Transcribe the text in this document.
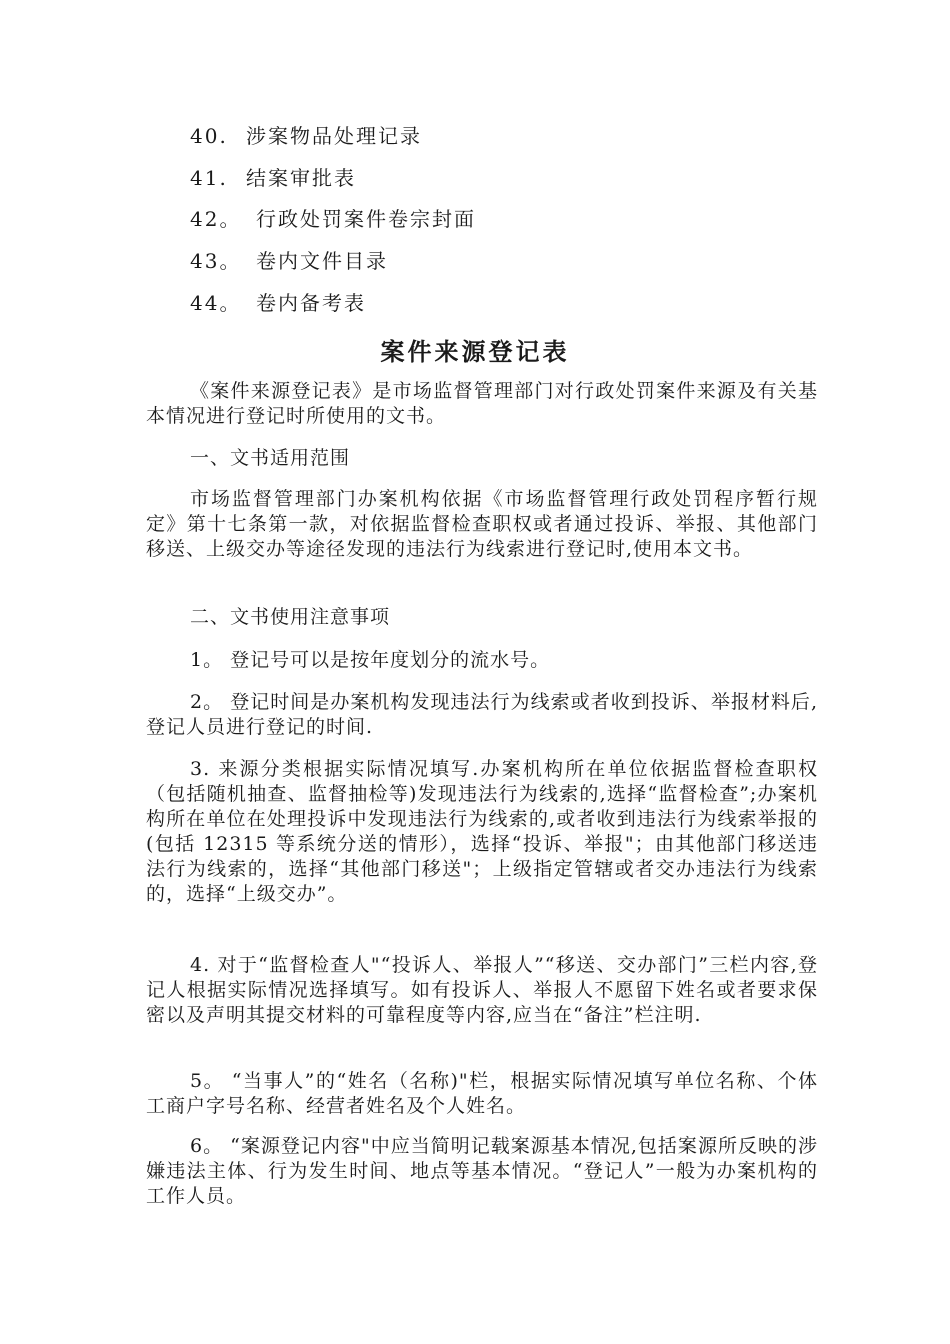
40. 涉案物品处理记录
41. 结案审批表
42。 行政处罚案件卷宗封面
43。 卷内文件目录
44。 卷内备考表
案件来源登记表
《案件来源登记表》是市场监督管理部门对行政处罚案件来源及有关基本情况进行登记时所使用的文书。
一、文书适用范围
市场监督管理部门办案机构依据《市场监督管理行政处罚程序暂行规定》第十七条第一款，对依据监督检查职权或者通过投诉、举报、其他部门移送、上级交办等途径发现的违法行为线索进行登记时,使用本文书。
二、文书使用注意事项
1。 登记号可以是按年度划分的流水号。
2。 登记时间是办案机构发现违法行为线索或者收到投诉、举报材料后,登记人员进行登记的时间.
3. 来源分类根据实际情况填写.办案机构所在单位依据监督检查职权（包括随机抽查、监督抽检等)发现违法行为线索的,选择“监督检查”;办案机构所在单位在处理投诉中发现违法行为线索的,或者收到违法行为线索举报的(包括 12315 等系统分送的情形），选择“投诉、举报"；由其他部门移送违法行为线索的，选择“其他部门移送"；上级指定管辖或者交办违法行为线索的，选择“上级交办”。
4. 对于“监督检查人"“投诉人、举报人”“移送、交办部门”三栏内容,登记人根据实际情况选择填写。如有投诉人、举报人不愿留下姓名或者要求保密以及声明其提交材料的可靠程度等内容,应当在“备注”栏注明.
5。 “当事人”的“姓名（名称)"栏，根据实际情况填写单位名称、个体工商户字号名称、经营者姓名及个人姓名。
6。 “案源登记内容"中应当简明记载案源基本情况,包括案源所反映的涉嫌违法主体、行为发生时间、地点等基本情况。“登记人”一般为办案机构的工作人员。
